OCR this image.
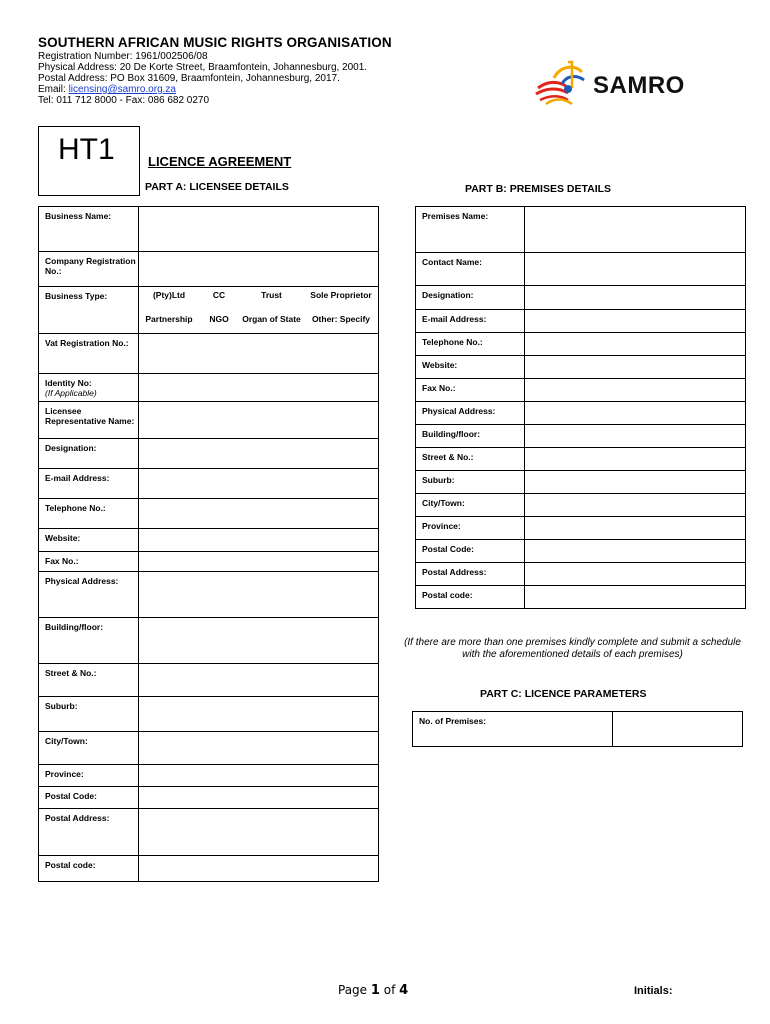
SOUTHERN AFRICAN MUSIC RIGHTS ORGANISATION
Registration Number: 1961/002506/08
Physical Address: 20 De Korte Street, Braamfontein, Johannesburg, 2001.
Postal Address: PO Box 31609, Braamfontein, Johannesburg, 2017.
Email: licensing@samro.org.za
Tel: 011 712 8000 - Fax: 086 682 0270
SAMRO
HT1	LICENCE AGREEMENT
PART A: LICENSEE DETAILS	PART B: PREMISES DETAILS
Business Name:

Company Registration No.:

Business Type:
		(Pty)Ltd	CC	Trust	Sole Proprietor
Partnership	NGO	Organ of State	Other: Specify

Vat Registration No.:

Identity No:
(If Applicable)

Licensee Representative Name:

Designation:

E-mail Address:

Telephone No.:

Website:

Fax No.:

Physical Address:

Building/floor:

Street & No.:

Suburb:

City/Town:

Province:

Postal Code:

Postal Address:

Postal code:

Premises Name:	

Contact Name:	

Designation:	

E-mail Address:	

Telephone No.:	

Website:	

Fax No.:	

Physical Address:	

Building/floor:	

Street & No.:	

Suburb:	

City/Town:	

Province:	

Postal Code:	

Postal Address:	

Postal code:	

(If there are more than one premises kindly complete and submit a schedule with the aforementioned details of each premises)
PART C: LICENCE PARAMETERS
No. of Premises:

Page 1 of 4	Initials:
